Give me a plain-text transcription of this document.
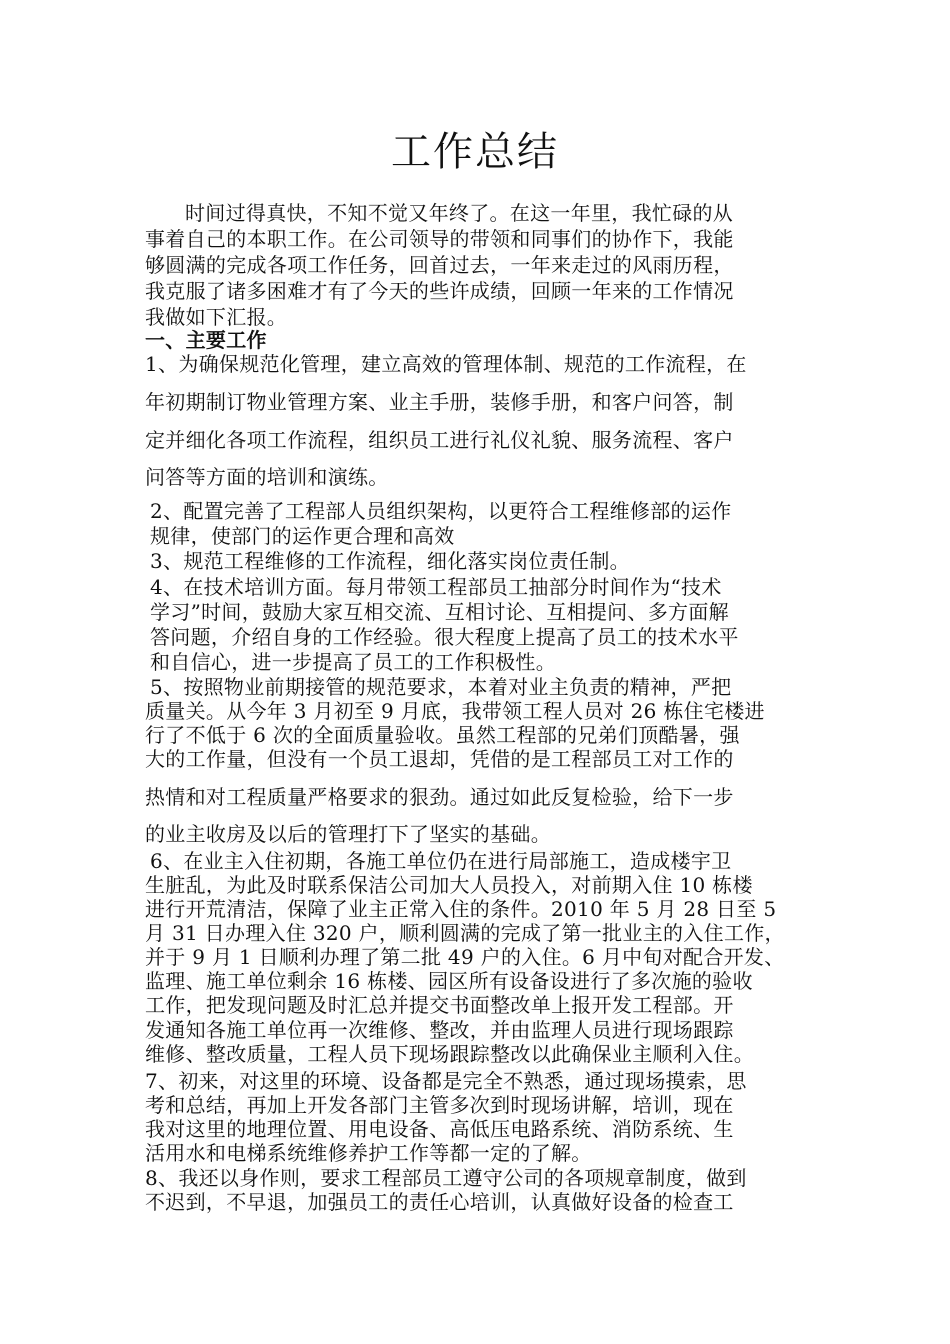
工作总结

时间过得真快，不知不觉又年终了。在这一年里，我忙碌的从

事着自己的本职工作。在公司领导的带领和同事们的协作下，我能

够圆满的完成各项工作任务，回首过去，一年来走过的风雨历程，

我克服了诸多困难才有了今天的些许成绩，回顾一年来的工作情况

我做如下汇报。

一、主要工作

1、为确保规范化管理，建立高效的管理体制、规范的工作流程，在

年初期制订物业管理方案、业主手册，装修手册，和客户问答，制

定并细化各项工作流程，组织员工进行礼仪礼貌、服务流程、客户

问答等方面的培训和演练。

2、配置完善了工程部人员组织架构，以更符合工程维修部的运作

规律，使部门的运作更合理和高效

3、规范工程维修的工作流程，细化落实岗位责任制。

4、在技术培训方面。每月带领工程部员工抽部分时间作为“技术

学习”时间，鼓励大家互相交流、互相讨论、互相提问、多方面解

答问题，介绍自身的工作经验。很大程度上提高了员工的技术水平

和自信心，进一步提高了员工的工作积极性。

5、按照物业前期接管的规范要求，本着对业主负责的精神，严把

质量关。从今年 3 月初至 9 月底，我带领工程人员对 26 栋住宅楼进

行了不低于 6 次的全面质量验收。虽然工程部的兄弟们顶酷暑，强

大的工作量，但没有一个员工退却，凭借的是工程部员工对工作的

热情和对工程质量严格要求的狠劲。通过如此反复检验，给下一步

的业主收房及以后的管理打下了坚实的基础。

6、在业主入住初期，各施工单位仍在进行局部施工，造成楼宇卫

生脏乱，为此及时联系保洁公司加大人员投入，对前期入住 10 栋楼

进行开荒清洁，保障了业主正常入住的条件。2010 年 5 月 28 日至 5

月 31 日办理入住 320 户，顺利圆满的完成了第一批业主的入住工作，

并于 9 月 1 日顺利办理了第二批 49 户的入住。6 月中旬对配合开发、

监理、施工单位剩余 16 栋楼、园区所有设备设进行了多次施的验收

工作，把发现问题及时汇总并提交书面整改单上报开发工程部。开

发通知各施工单位再一次维修、整改，并由监理人员进行现场跟踪

维修、整改质量，工程人员下现场跟踪整改以此确保业主顺利入住。

7、初来，对这里的环境、设备都是完全不熟悉，通过现场摸索，思

考和总结，再加上开发各部门主管多次到时现场讲解，培训，现在

我对这里的地理位置、用电设备、高低压电路系统、消防系统、生

活用水和电梯系统维修养护工作等都一定的了解。

8、我还以身作则，要求工程部员工遵守公司的各项规章制度，做到

不迟到，不早退，加强员工的责任心培训，认真做好设备的检查工
